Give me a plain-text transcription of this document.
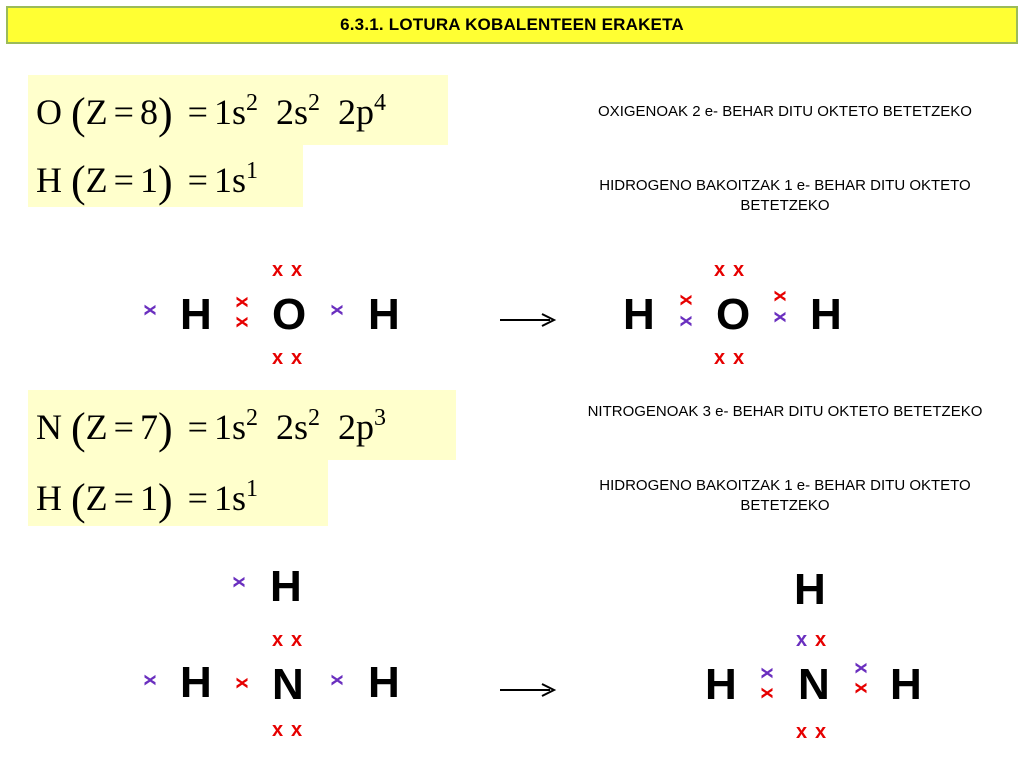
6.3.1. LOTURA KOBALENTEEN ERAKETA
O $(Z = 8) = 1s^2$ $2s^2$ $2p^4$
H $(Z = 1) = 1s^1$
OXIGENOAK 2 e- BEHAR DITU OKTETO BETETZEKO
HIDROGENO BAKOITZAK 1 e- BEHAR DITU OKTETO BETETZEKO
H O H
x x
x x
x
x
x	x	H O H
x x
x x
x
x
x
x
N $(Z = 7) = 1s^2$ $2s^2$ $2p^3$
H $(Z = 1) = 1s^1$
NITROGENOAK 3 e- BEHAR DITU OKTETO BETETZEKO
HIDROGENO BAKOITZAK 1 e- BEHAR DITU OKTETO BETETZEKO
H
H N H
x
x x
x x
x
x	x
H
H N H
x x
x x
x
x
x
x
